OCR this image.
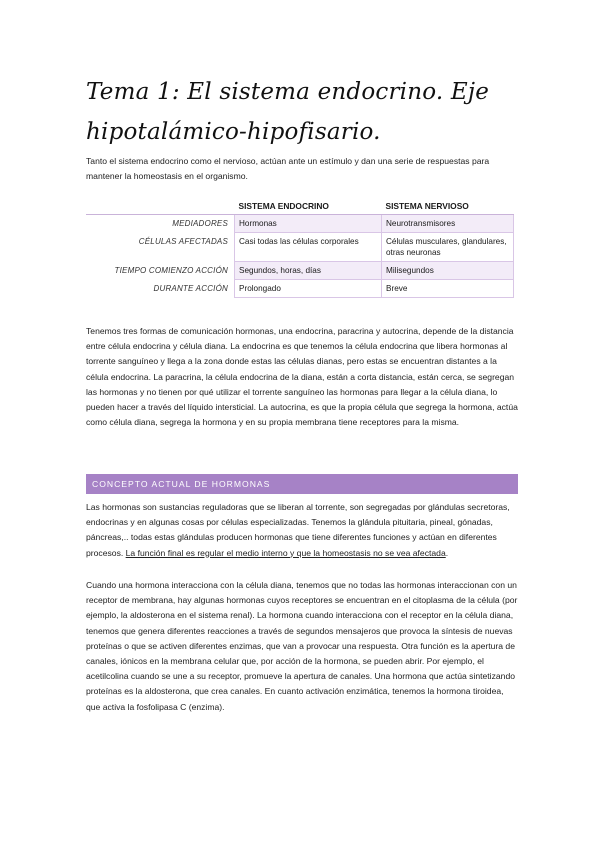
Tema 1: El sistema endocrino. Eje hipotalámico-hipofisario.
Tanto el sistema endocrino como el nervioso, actúan ante un estímulo y dan una serie de respuestas para mantener la homeostasis en el organismo.
	SISTEMA ENDOCRINO	SISTEMA NERVIOSO
MEDIADORES	Hormonas	Neurotransmisores
CÉLULAS AFECTADAS	Casi todas las células corporales	Células musculares, glandulares, otras neuronas
TIEMPO COMIENZO ACCIÓN	Segundos, horas, días	Milisegundos
DURANTE ACCIÓN	Prolongado	Breve
Tenemos tres formas de comunicación hormonas, una endocrina, paracrina y autocrina, depende de la distancia entre célula endocrina y célula diana. La endocrina es que tenemos la célula endocrina que libera hormonas al torrente sanguíneo y llega a la zona donde estas las células dianas, pero estas se encuentran distantes a la célula endocrina. La paracrina, la célula endocrina de la diana, están a corta distancia, están cerca, se segregan las hormonas y no tienen por qué utilizar el torrente sanguíneo las hormonas para llegar a la célula diana, lo pueden hacer a través del líquido intersticial. La autocrina, es que la propia célula que segrega la hormona, actúa como célula diana, segrega la hormona y en su propia membrana tiene receptores para la misma.
CONCEPTO ACTUAL DE HORMONAS
Las hormonas son sustancias reguladoras que se liberan al torrente, son segregadas por glándulas secretoras, endocrinas y en algunas cosas por células especializadas. Tenemos la glándula pituitaria, pineal, gónadas, páncreas,.. todas estas glándulas producen hormonas que tiene diferentes funciones y actúan en diferentes procesos. La función final es regular el medio interno y que la homeostasis no se vea afectada.
Cuando una hormona interacciona con la célula diana, tenemos que no todas las hormonas interaccionan con un receptor de membrana, hay algunas hormonas cuyos receptores se encuentran en el citoplasma de la célula (por ejemplo, la aldosterona en el sistema renal). La hormona cuando interacciona con el receptor en la célula diana, tenemos que genera diferentes reacciones a través de segundos mensajeros que provoca la síntesis de nuevas proteínas o que se activen diferentes enzimas, que van a provocar una respuesta. Otra función es la apertura de canales, iónicos en la membrana celular que, por acción de la hormona, se pueden abrir. Por ejemplo, el acetilcolina cuando se une a su receptor, promueve la apertura de canales. Una hormona que actúa sintetizando proteínas es la aldosterona, que crea canales. En cuanto activación enzimática, tenemos la hormona tiroidea, que activa la fosfolipasa C (enzima).
